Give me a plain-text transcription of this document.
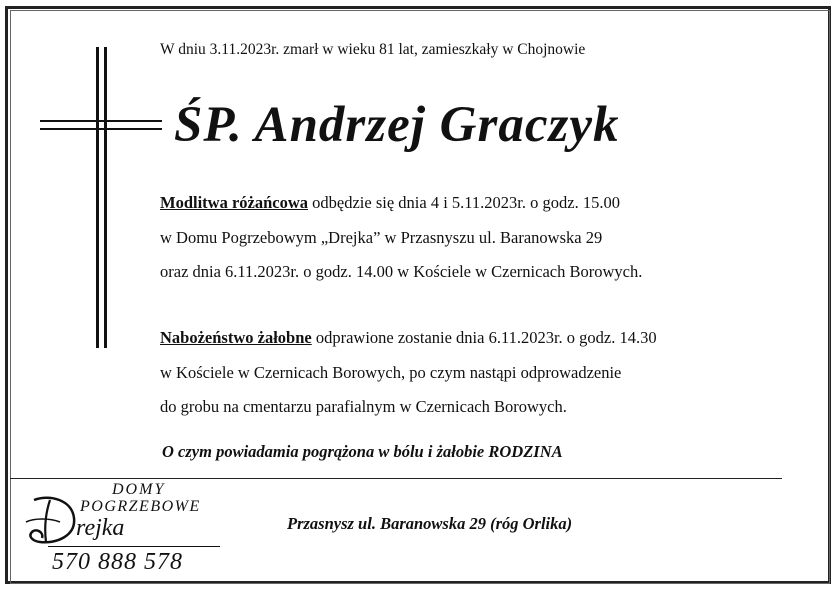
W dniu 3.11.2023r. zmarł w wieku 81 lat, zamieszkały w Chojnowie
ŚP. Andrzej Graczyk
Modlitwa różańcowa odbędzie się dnia 4 i 5.11.2023r. o godz. 15.00
w Domu Pogrzebowym „Drejka” w Przasnyszu ul. Baranowska 29
oraz dnia 6.11.2023r. o godz. 14.00 w Kościele w Czernicach Borowych.
Nabożeństwo żałobne odprawione zostanie dnia 6.11.2023r. o godz. 14.30
w Kościele w Czernicach Borowych, po czym nastąpi odprowadzenie
do grobu na cmentarzu parafialnym w Czernicach Borowych.
O czym powiadamia pogrążona w bólu i żałobie RODZINA
DOMY
POGRZEBOWE
rejka
570 888 578
Przasnysz ul. Baranowska 29 (róg Orlika)
